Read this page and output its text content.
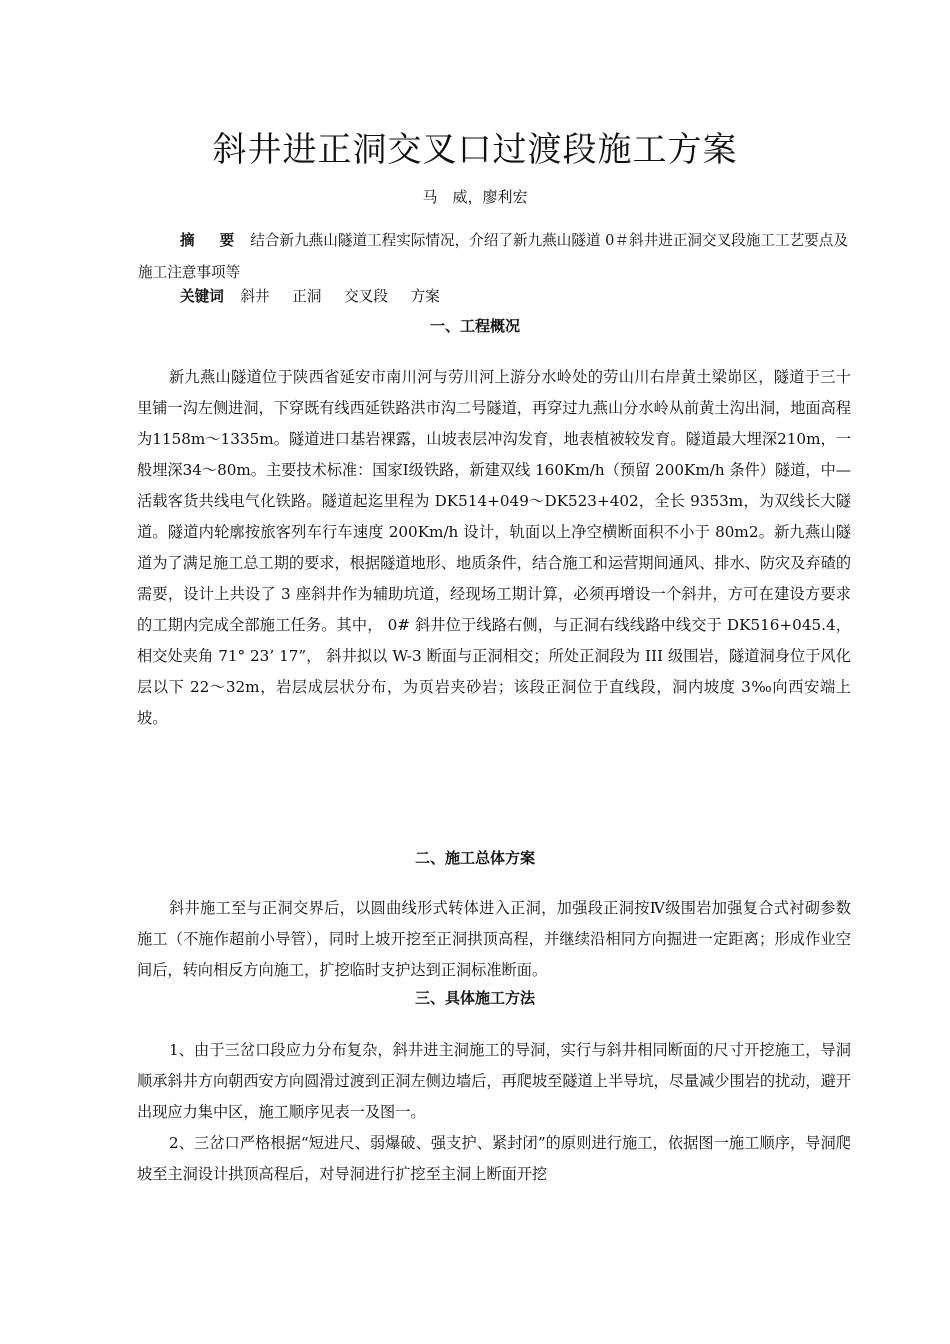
斜井进正洞交叉口过渡段施工方案
马　威，廖利宏
摘 要 结合新九燕山隧道工程实际情况，介绍了新九燕山隧道 0＃斜井进正洞交叉段施工工艺要点及施工注意事项等
关键词 斜井 正洞 交叉段 方案
一、工程概况
新九燕山隧道位于陕西省延安市南川河与劳川河上游分水岭处的劳山川右岸黄土梁峁区，隧道于三十里铺一沟左侧进洞，下穿既有线西延铁路洪市沟二号隧道，再穿过九燕山分水岭从前黄土沟出洞，地面高程为1158m～1335m。隧道进口基岩裸露，山坡表层冲沟发育，地表植被较发育。隧道最大埋深210m，一般埋深34～80m。主要技术标准：国家Ⅰ级铁路，新建双线 160Km/h（预留 200Km/h 条件）隧道，中—活载客货共线电气化铁路。隧道起迄里程为 DK514+049～DK523+402，全长 9353m，为双线长大隧道。隧道内轮廓按旅客列车行车速度 200Km/h 设计，轨面以上净空横断面积不小于 80m2。新九燕山隧道为了满足施工总工期的要求，根据隧道地形、地质条件，结合施工和运营期间通风、排水、防灾及弃碴的需要，设计上共设了 3 座斜井作为辅助坑道，经现场工期计算，必须再增设一个斜井，方可在建设方要求的工期内完成全部施工任务。其中， 0# 斜井位于线路右侧，与正洞右线线路中线交于 DK516+045.4，相交处夹角 71° 23’ 17”， 斜井拟以 W-3 断面与正洞相交；所处正洞段为 III 级围岩，隧道洞身位于风化层以下 22～32m，岩层成层状分布，为页岩夹砂岩；该段正洞位于直线段，洞内坡度 3‰向西安端上坡。
二、施工总体方案
斜井施工至与正洞交界后，以圆曲线形式转体进入正洞，加强段正洞按Ⅳ级围岩加强复合式衬砌参数施工（不施作超前小导管），同时上坡开挖至正洞拱顶高程，并继续沿相同方向掘进一定距离；形成作业空间后，转向相反方向施工，扩挖临时支护达到正洞标准断面。
三、具体施工方法
1、由于三岔口段应力分布复杂，斜井进主洞施工的导洞，实行与斜井相同断面的尺寸开挖施工，导洞顺承斜井方向朝西安方向圆滑过渡到正洞左侧边墙后，再爬坡至隧道上半导坑，尽量减少围岩的扰动，避开出现应力集中区，施工顺序见表一及图一。
2、三岔口严格根据“短进尺、弱爆破、强支护、紧封闭”的原则进行施工，依据图一施工顺序，导洞爬坡至主洞设计拱顶高程后，对导洞进行扩挖至主洞上断面开挖
